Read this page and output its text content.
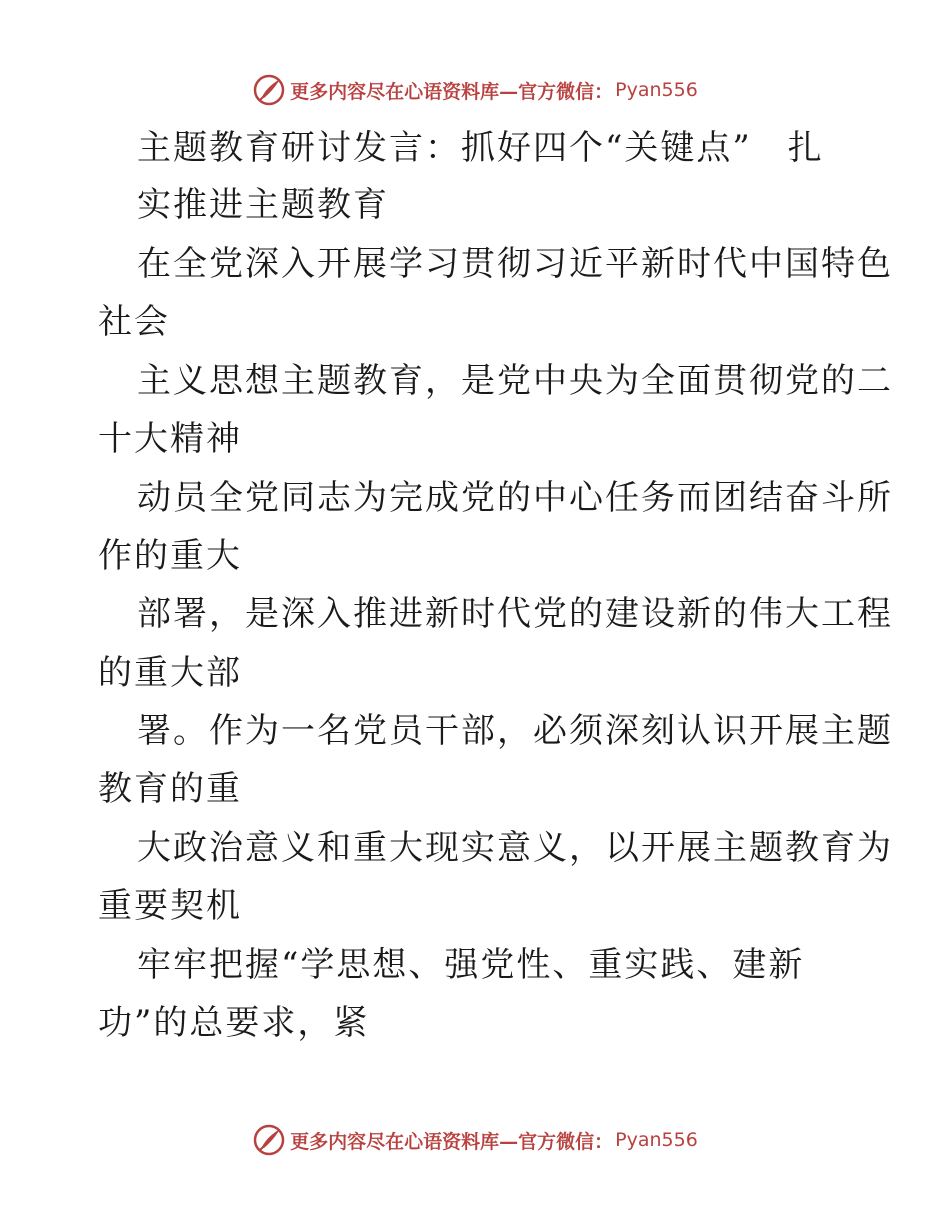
更多内容尽在心语资料库—官方微信： Pyan556
主题教育研讨发言：抓好四个“关键点”　扎
实推进主题教育
在全党深入开展学习贯彻习近平新时代中国特色
社会
主义思想主题教育，是党中央为全面贯彻党的二
十大精神
动员全党同志为完成党的中心任务而团结奋斗所
作的重大
部署，是深入推进新时代党的建设新的伟大工程
的重大部
署。作为一名党员干部，必须深刻认识开展主题
教育的重
大政治意义和重大现实意义，以开展主题教育为
重要契机
牢牢把握“学思想、强党性、重实践、建新
功”的总要求，紧
更多内容尽在心语资料库—官方微信： Pyan556
